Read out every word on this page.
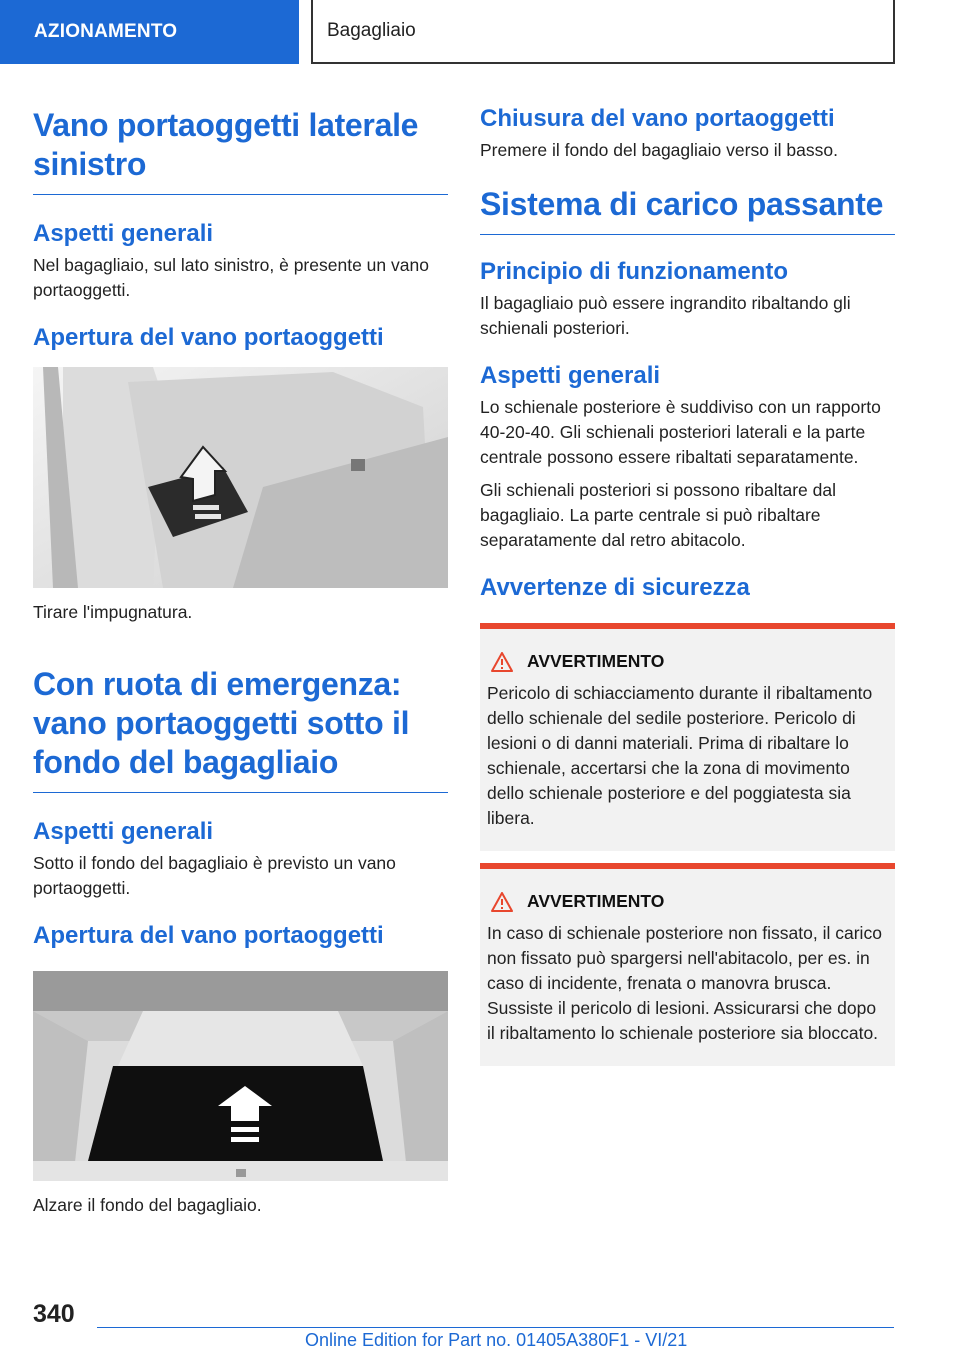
AZIONAMENTO	Bagagliaio
Vano portaoggetti laterale sinistro
Aspetti generali

Nel bagagliaio, sul lato sinistro, è presente un vano portaoggetti.

Apertura del vano portaoggetti

Tirare l'impugnatura.

Con ruota di emergenza: vano portaoggetti sotto il fondo del bagagliaio
Aspetti generali

Sotto il fondo del bagagliaio è previsto un vano portaoggetti.

Apertura del vano portaoggetti

Alzare il fondo del bagagliaio.

Chiusura del vano portaoggetti

Premere il fondo del bagagliaio verso il basso.

Sistema di carico passante
Principio di funzionamento

Il bagagliaio può essere ingrandito ribaltando gli schienali posteriori.

Aspetti generali

Lo schienale posteriore è suddiviso con un rapporto 40-20-40. Gli schienali posteriori laterali e la parte centrale possono essere ribaltati separatamente.

Gli schienali posteriori si possono ribaltare dal bagagliaio. La parte centrale si può ribaltare separatamente dal retro abitacolo.

Avvertenze di sicurezza
AVVERTIMENTO

Pericolo di schiacciamento durante il ribaltamento dello schienale del sedile posteriore. Pericolo di lesioni o di danni materiali. Prima di ribaltare lo schienale, accertarsi che la zona di movimento dello schienale posteriore e del poggiatesta sia libera.

AVVERTIMENTO

In caso di schienale posteriore non fissato, il carico non fissato può spargersi nell'abitacolo, per es. in caso di incidente, frenata o manovra brusca. Sussiste il pericolo di lesioni. Assicurarsi che dopo il ribaltamento lo schienale posteriore sia bloccato.

340
Online Edition for Part no. 01405A380F1 - VI/21
